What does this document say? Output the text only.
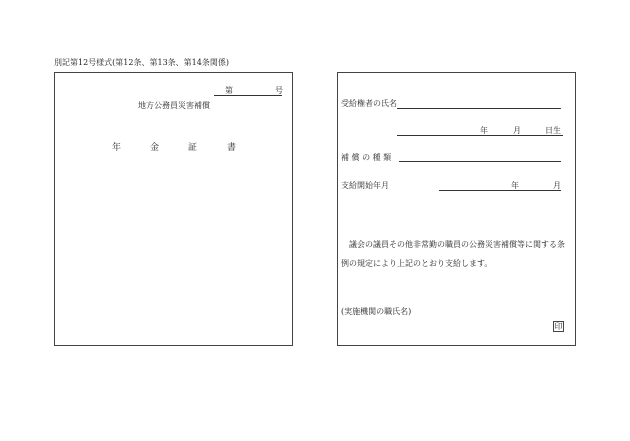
別記第12号様式(第12条、第13条、第14条関係)
第	号
地方公務員災害補償
年	金	証	書
受給権者の氏名
年	月	日生
補 償 の 種 類
支給開始年月	年	月
議会の議員その他非常勤の職員の公務災害補償等に関する条
例の規定により上記のとおり支給します。
(実施機関の職氏名)
印
